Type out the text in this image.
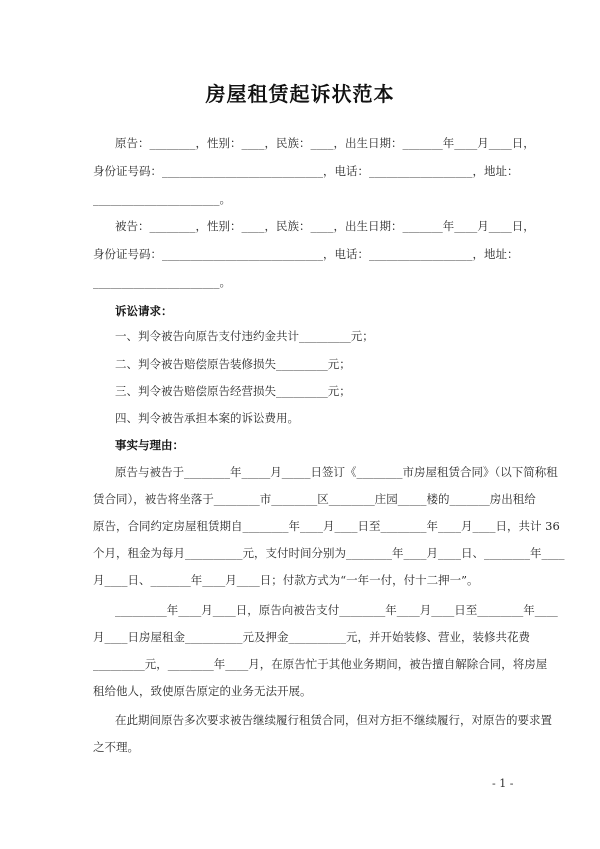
房屋租赁起诉状范本
原告：________，性别：____，民族：____，出生日期：_______年____月____日，
身份证号码：____________________________，电话：__________________，地址：
______________________。
被告：________，性别：____，民族：____，出生日期：_______年____月____日，
身份证号码：____________________________，电话：__________________，地址：
______________________。
诉讼请求：
一、判令被告向原告支付违约金共计_________元；
二、判令被告赔偿原告装修损失_________元；
三、判令被告赔偿原告经营损失_________元；
四、判令被告承担本案的诉讼费用。
事实与理由：
原告与被告于________年_____月_____日签订《________市房屋租赁合同》（以下简称租
赁合同），被告将坐落于________市________区________庄园_____楼的_______房出租给
原告，合同约定房屋租赁期自________年____月____日至________年____月____日，共计 36
个月，租金为每月__________元，支付时间分别为________年____月____日、________年____
月____日、_______年____月____日；付款方式为“一年一付，付十二押一”。
_________年____月____日，原告向被告支付________年____月____日至________年____
月____日房屋租金__________元及押金__________元，并开始装修、营业，装修共花费
_________元，________年____月，在原告忙于其他业务期间，被告擅自解除合同，将房屋
租给他人，致使原告原定的业务无法开展。
在此期间原告多次要求被告继续履行租赁合同，但对方拒不继续履行，对原告的要求置
之不理。
- 1 -
